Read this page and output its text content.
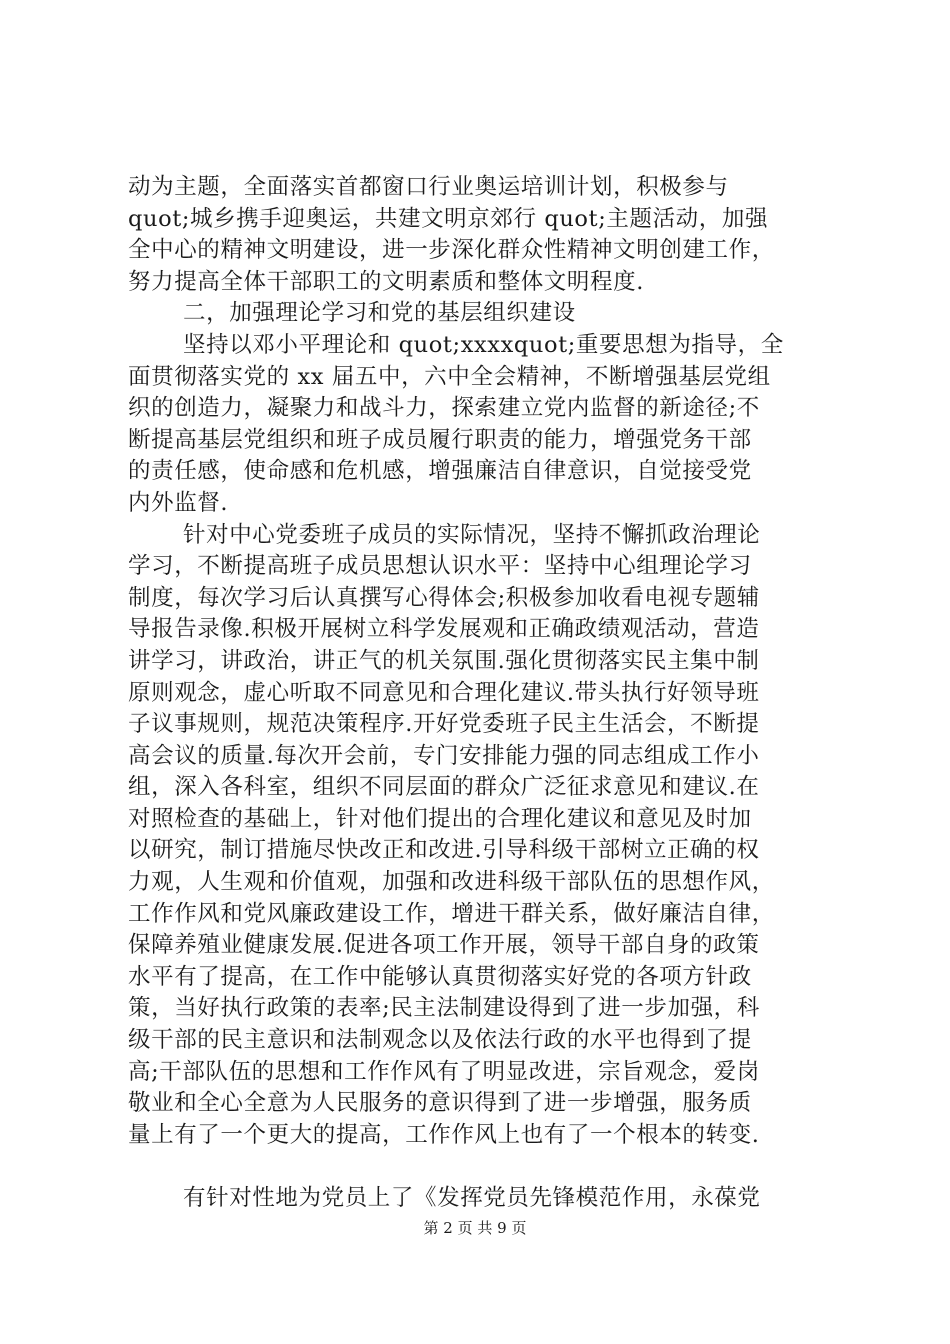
动为主题，全面落实首都窗口行业奥运培训计划，积极参与
quot;城乡携手迎奥运，共建文明京郊行 quot;主题活动，加强
全中心的精神文明建设，进一步深化群众性精神文明创建工作，
努力提高全体干部职工的文明素质和整体文明程度.
二，加强理论学习和党的基层组织建设
坚持以邓小平理论和 quot;xxxxquot;重要思想为指导，全
面贯彻落实党的 xx 届五中，六中全会精神，不断增强基层党组
织的创造力，凝聚力和战斗力，探索建立党内监督的新途径;不
断提高基层党组织和班子成员履行职责的能力，增强党务干部
的责任感，使命感和危机感，增强廉洁自律意识，自觉接受党
内外监督.
针对中心党委班子成员的实际情况，坚持不懈抓政治理论
学习，不断提高班子成员思想认识水平：坚持中心组理论学习
制度，每次学习后认真撰写心得体会;积极参加收看电视专题辅
导报告录像.积极开展树立科学发展观和正确政绩观活动，营造
讲学习，讲政治，讲正气的机关氛围.强化贯彻落实民主集中制
原则观念，虚心听取不同意见和合理化建议.带头执行好领导班
子议事规则，规范决策程序.开好党委班子民主生活会，不断提
高会议的质量.每次开会前，专门安排能力强的同志组成工作小
组，深入各科室，组织不同层面的群众广泛征求意见和建议.在
对照检查的基础上，针对他们提出的合理化建议和意见及时加
以研究，制订措施尽快改正和改进.引导科级干部树立正确的权
力观，人生观和价值观，加强和改进科级干部队伍的思想作风，
工作作风和党风廉政建设工作，增进干群关系，做好廉洁自律，
保障养殖业健康发展.促进各项工作开展，领导干部自身的政策
水平有了提高，在工作中能够认真贯彻落实好党的各项方针政
策，当好执行政策的表率;民主法制建设得到了进一步加强，科
级干部的民主意识和法制观念以及依法行政的水平也得到了提
高;干部队伍的思想和工作作风有了明显改进，宗旨观念，爱岗
敬业和全心全意为人民服务的意识得到了进一步增强，服务质
量上有了一个更大的提高，工作作风上也有了一个根本的转变.
有针对性地为党员上了《发挥党员先锋模范作用，永葆党
第 2 页 共 9 页
